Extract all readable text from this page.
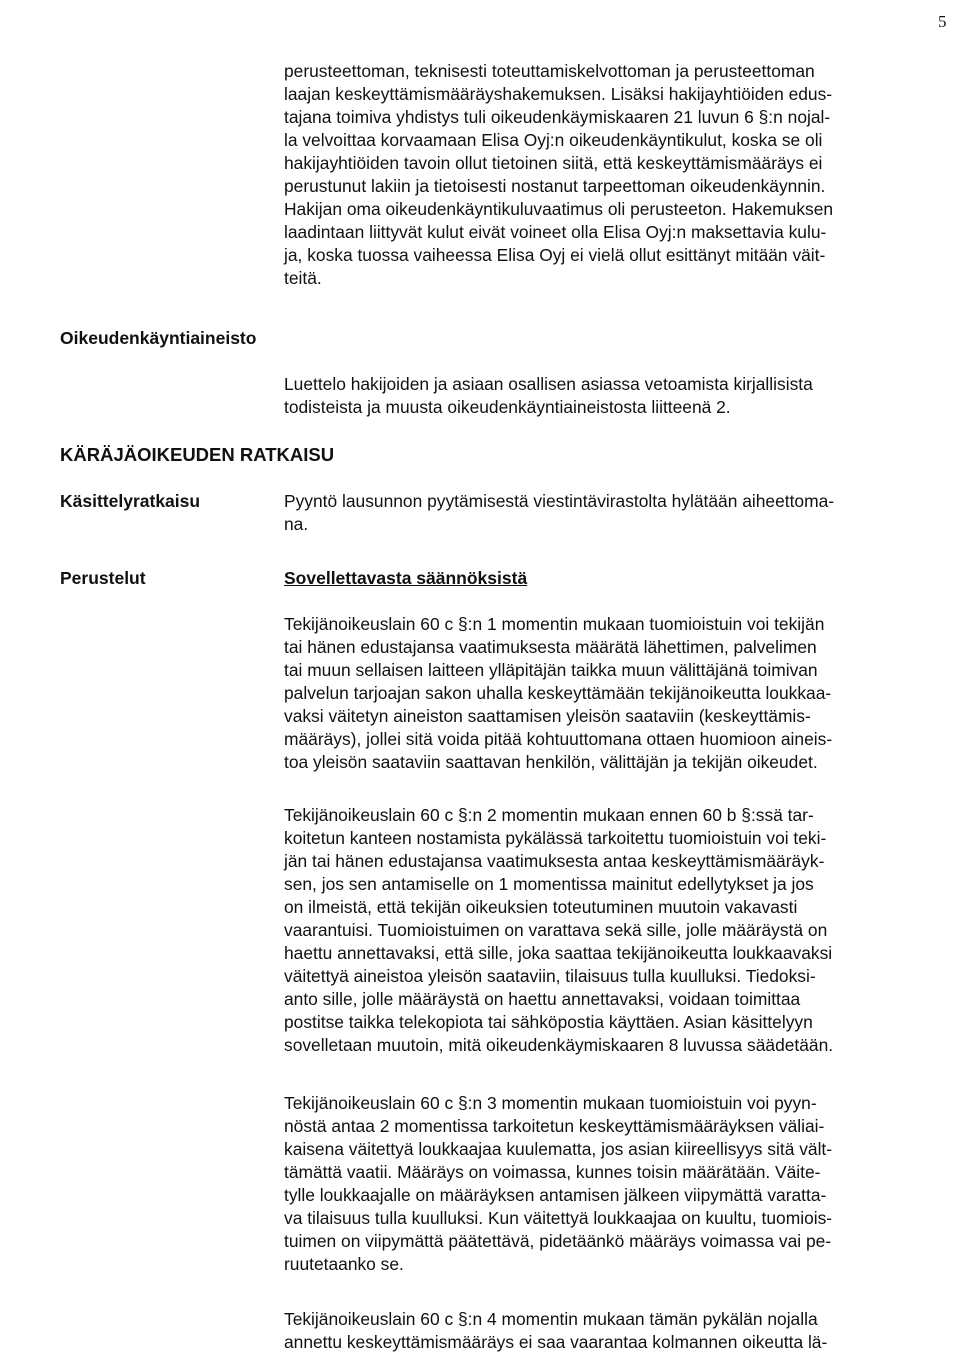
5
perusteettoman, teknisesti toteuttamiskelvottoman ja perusteettoman
laajan keskeyttämismääräyshakemuksen. Lisäksi hakijayhtiöiden edus-
tajana toimiva yhdistys tuli oikeudenkäymiskaaren 21 luvun 6 §:n nojal-
la velvoittaa korvaamaan Elisa Oyj:n oikeudenkäyntikulut, koska se oli
hakijayhtiöiden tavoin ollut tietoinen siitä, että keskeyttämismääräys ei
perustunut lakiin ja tietoisesti nostanut tarpeettoman oikeudenkäynnin.
Hakijan oma oikeudenkäyntikuluvaatimus oli perusteeton. Hakemuksen
laadintaan liittyvät kulut eivät voineet olla Elisa Oyj:n maksettavia kulu-
ja, koska tuossa vaiheessa Elisa Oyj ei vielä ollut esittänyt mitään väit-
teitä.
Oikeudenkäyntiaineisto
Luettelo hakijoiden ja asiaan osallisen asiassa vetoamista kirjallisista
todisteista ja muusta oikeudenkäyntiaineistosta liitteenä 2.
KÄRÄJÄOIKEUDEN RATKAISU
Käsittelyratkaisu	Pyyntö lausunnon pyytämisestä viestintävirastolta hylätään aiheettoma-
na.
Perustelut	Sovellettavasta säännöksistä
Tekijänoikeuslain 60 c §:n 1 momentin mukaan tuomioistuin voi tekijän
tai hänen edustajansa vaatimuksesta määrätä lähettimen, palvelimen
tai muun sellaisen laitteen ylläpitäjän taikka muun välittäjänä toimivan
palvelun tarjoajan sakon uhalla keskeyttämään tekijänoikeutta loukkaa-
vaksi väitetyn aineiston saattamisen yleisön saataviin (keskeyttämis-
määräys), jollei sitä voida pitää kohtuuttomana ottaen huomioon aineis-
toa yleisön saataviin saattavan henkilön, välittäjän ja tekijän oikeudet.
Tekijänoikeuslain 60 c §:n 2 momentin mukaan ennen 60 b §:ssä tar-
koitetun kanteen nostamista pykälässä tarkoitettu tuomioistuin voi teki-
jän tai hänen edustajansa vaatimuksesta antaa keskeyttämismääräyk-
sen, jos sen antamiselle on 1 momentissa mainitut edellytykset ja jos
on ilmeistä, että tekijän oikeuksien toteutuminen muutoin vakavasti
vaarantuisi. Tuomioistuimen on varattava sekä sille, jolle määräystä on
haettu annettavaksi, että sille, joka saattaa tekijänoikeutta loukkaavaksi
väitettyä aineistoa yleisön saataviin, tilaisuus tulla kuulluksi. Tiedoksi-
anto sille, jolle määräystä on haettu annettavaksi, voidaan toimittaa
postitse taikka telekopiota tai sähköpostia käyttäen. Asian käsittelyyn
sovelletaan muutoin, mitä oikeudenkäymiskaaren 8 luvussa säädetään.
Tekijänoikeuslain 60 c §:n 3 momentin mukaan tuomioistuin voi pyyn-
nöstä antaa 2 momentissa tarkoitetun keskeyttämismääräyksen väliai-
kaisena väitettyä loukkaajaa kuulematta, jos asian kiireellisyys sitä vält-
tämättä vaatii. Määräys on voimassa, kunnes toisin määrätään. Väite-
tylle loukkaajalle on määräyksen antamisen jälkeen viipymättä varatta-
va tilaisuus tulla kuulluksi. Kun väitettyä loukkaajaa on kuultu, tuomiois-
tuimen on viipymättä päätettävä, pidetäänkö määräys voimassa vai pe-
ruutetaanko se.
Tekijänoikeuslain 60 c §:n 4 momentin mukaan tämän pykälän nojalla
annettu keskeyttämismääräys ei saa vaarantaa kolmannen oikeutta lä-
